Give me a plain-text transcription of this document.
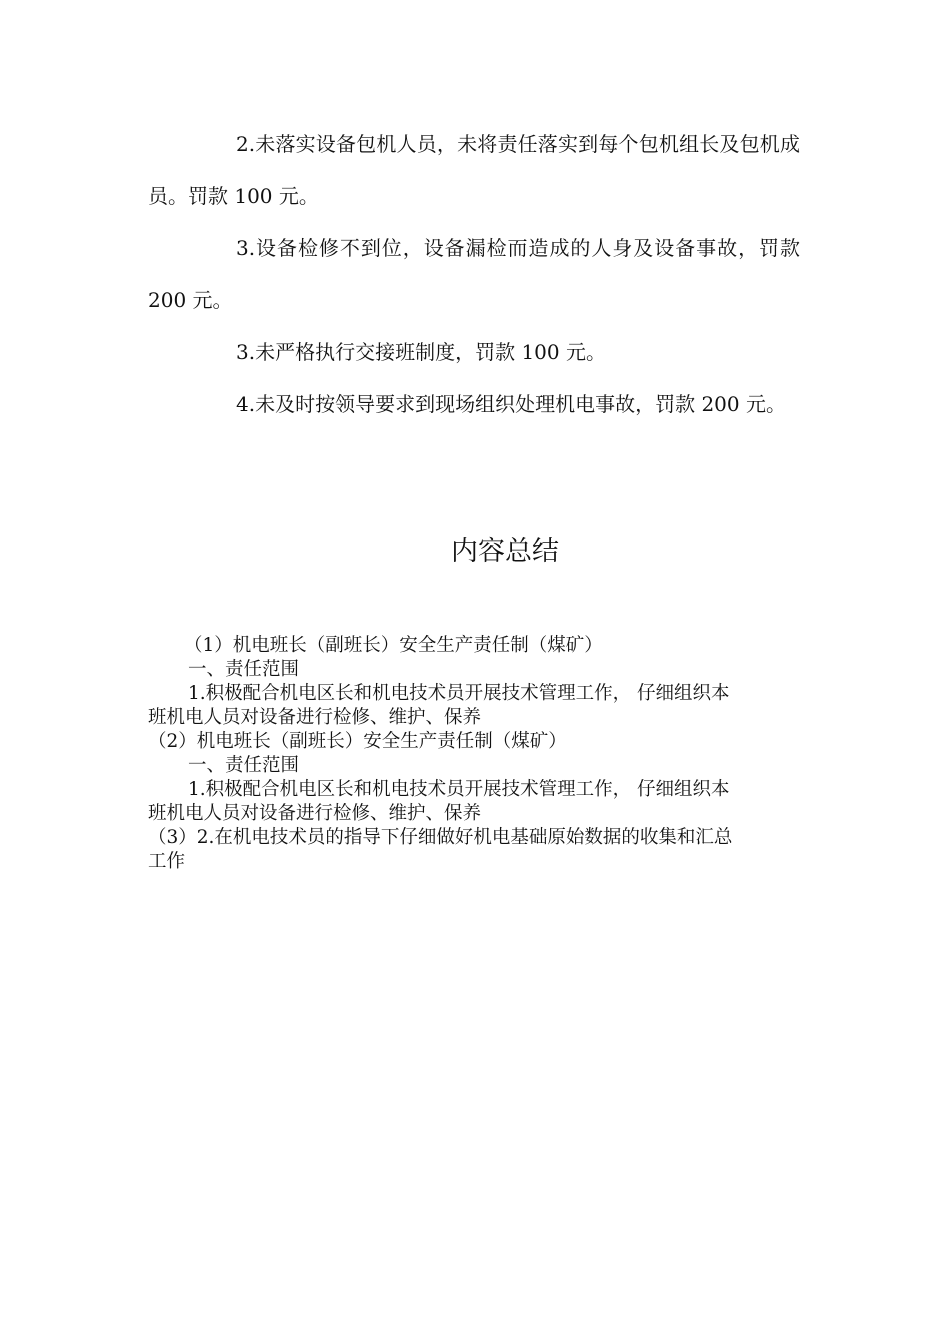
2.未落实设备包机人员，未将责任落实到每个包机组长及包机成员。罚款 100 元。

3.设备检修不到位，设备漏检而造成的人身及设备事故，罚款 200 元。

3.未严格执行交接班制度，罚款 100 元。

4.未及时按领导要求到现场组织处理机电事故，罚款 200 元。

内容总结

（1）机电班长（副班长）安全生产责任制（煤矿）

一、责任范围

1.积极配合机电区长和机电技术员开展技术管理工作， 仔细组织本

班机电人员对设备进行检修、维护、保养

（2）机电班长（副班长）安全生产责任制（煤矿）

一、责任范围

1.积极配合机电区长和机电技术员开展技术管理工作， 仔细组织本

班机电人员对设备进行检修、维护、保养

（3）2.在机电技术员的指导下仔细做好机电基础原始数据的收集和汇总

工作
